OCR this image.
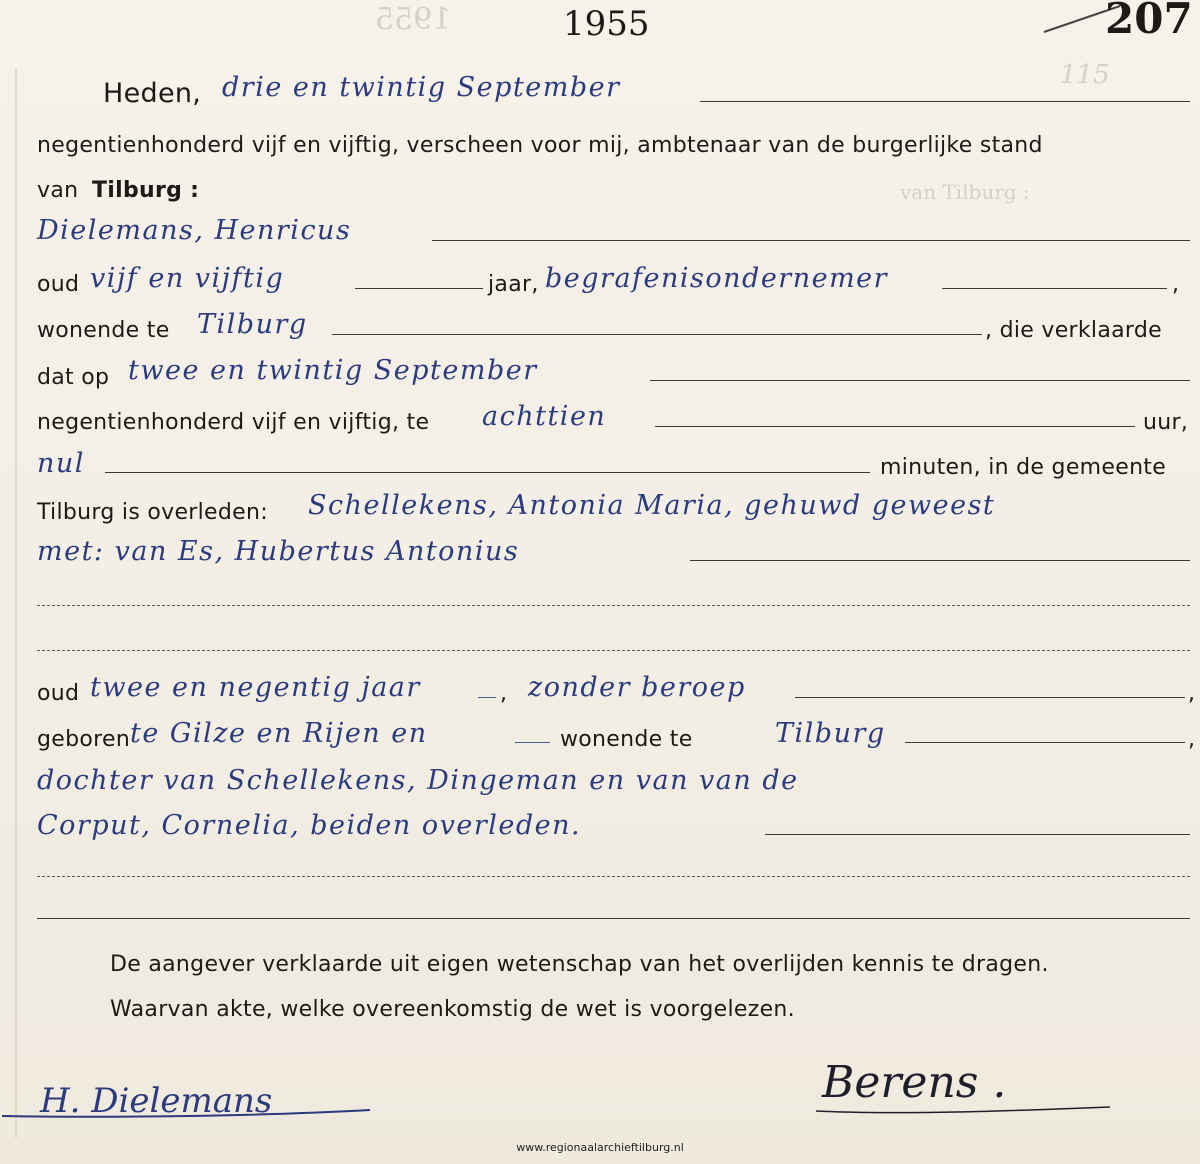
1955
115
van Tilburg :
1955	207
Heden, drie en twintig September
negentienhonderd vijf en vijftig, verscheen voor mij, ambtenaar van de burgerlijke stand
van Tilburg :
Dielemans, Henricus
oud vijf en vijftig	jaar, begrafenisondernemer	,
wonende te Tilburg	, die verklaarde
dat op twee en twintig September
negentienhonderd vijf en vijftig, te achttien	uur,
nul	minuten, in de gemeente
Tilburg is overleden: Schellekens, Antonia Maria, gehuwd geweest
met: van Es, Hubertus Antonius
oud twee en negentig jaar	, zonder beroep	,
geboren te Gilze en Rijen en	wonende te	Tilburg	,
dochter van Schellekens, Dingeman en van van de
Corput, Cornelia, beiden overleden.
De aangever verklaarde uit eigen wetenschap van het overlijden kennis te dragen.
Waarvan akte, welke overeenkomstig de wet is voorgelezen.
H. Dielemans	Berens .
www.regionaalarchieftilburg.nl
